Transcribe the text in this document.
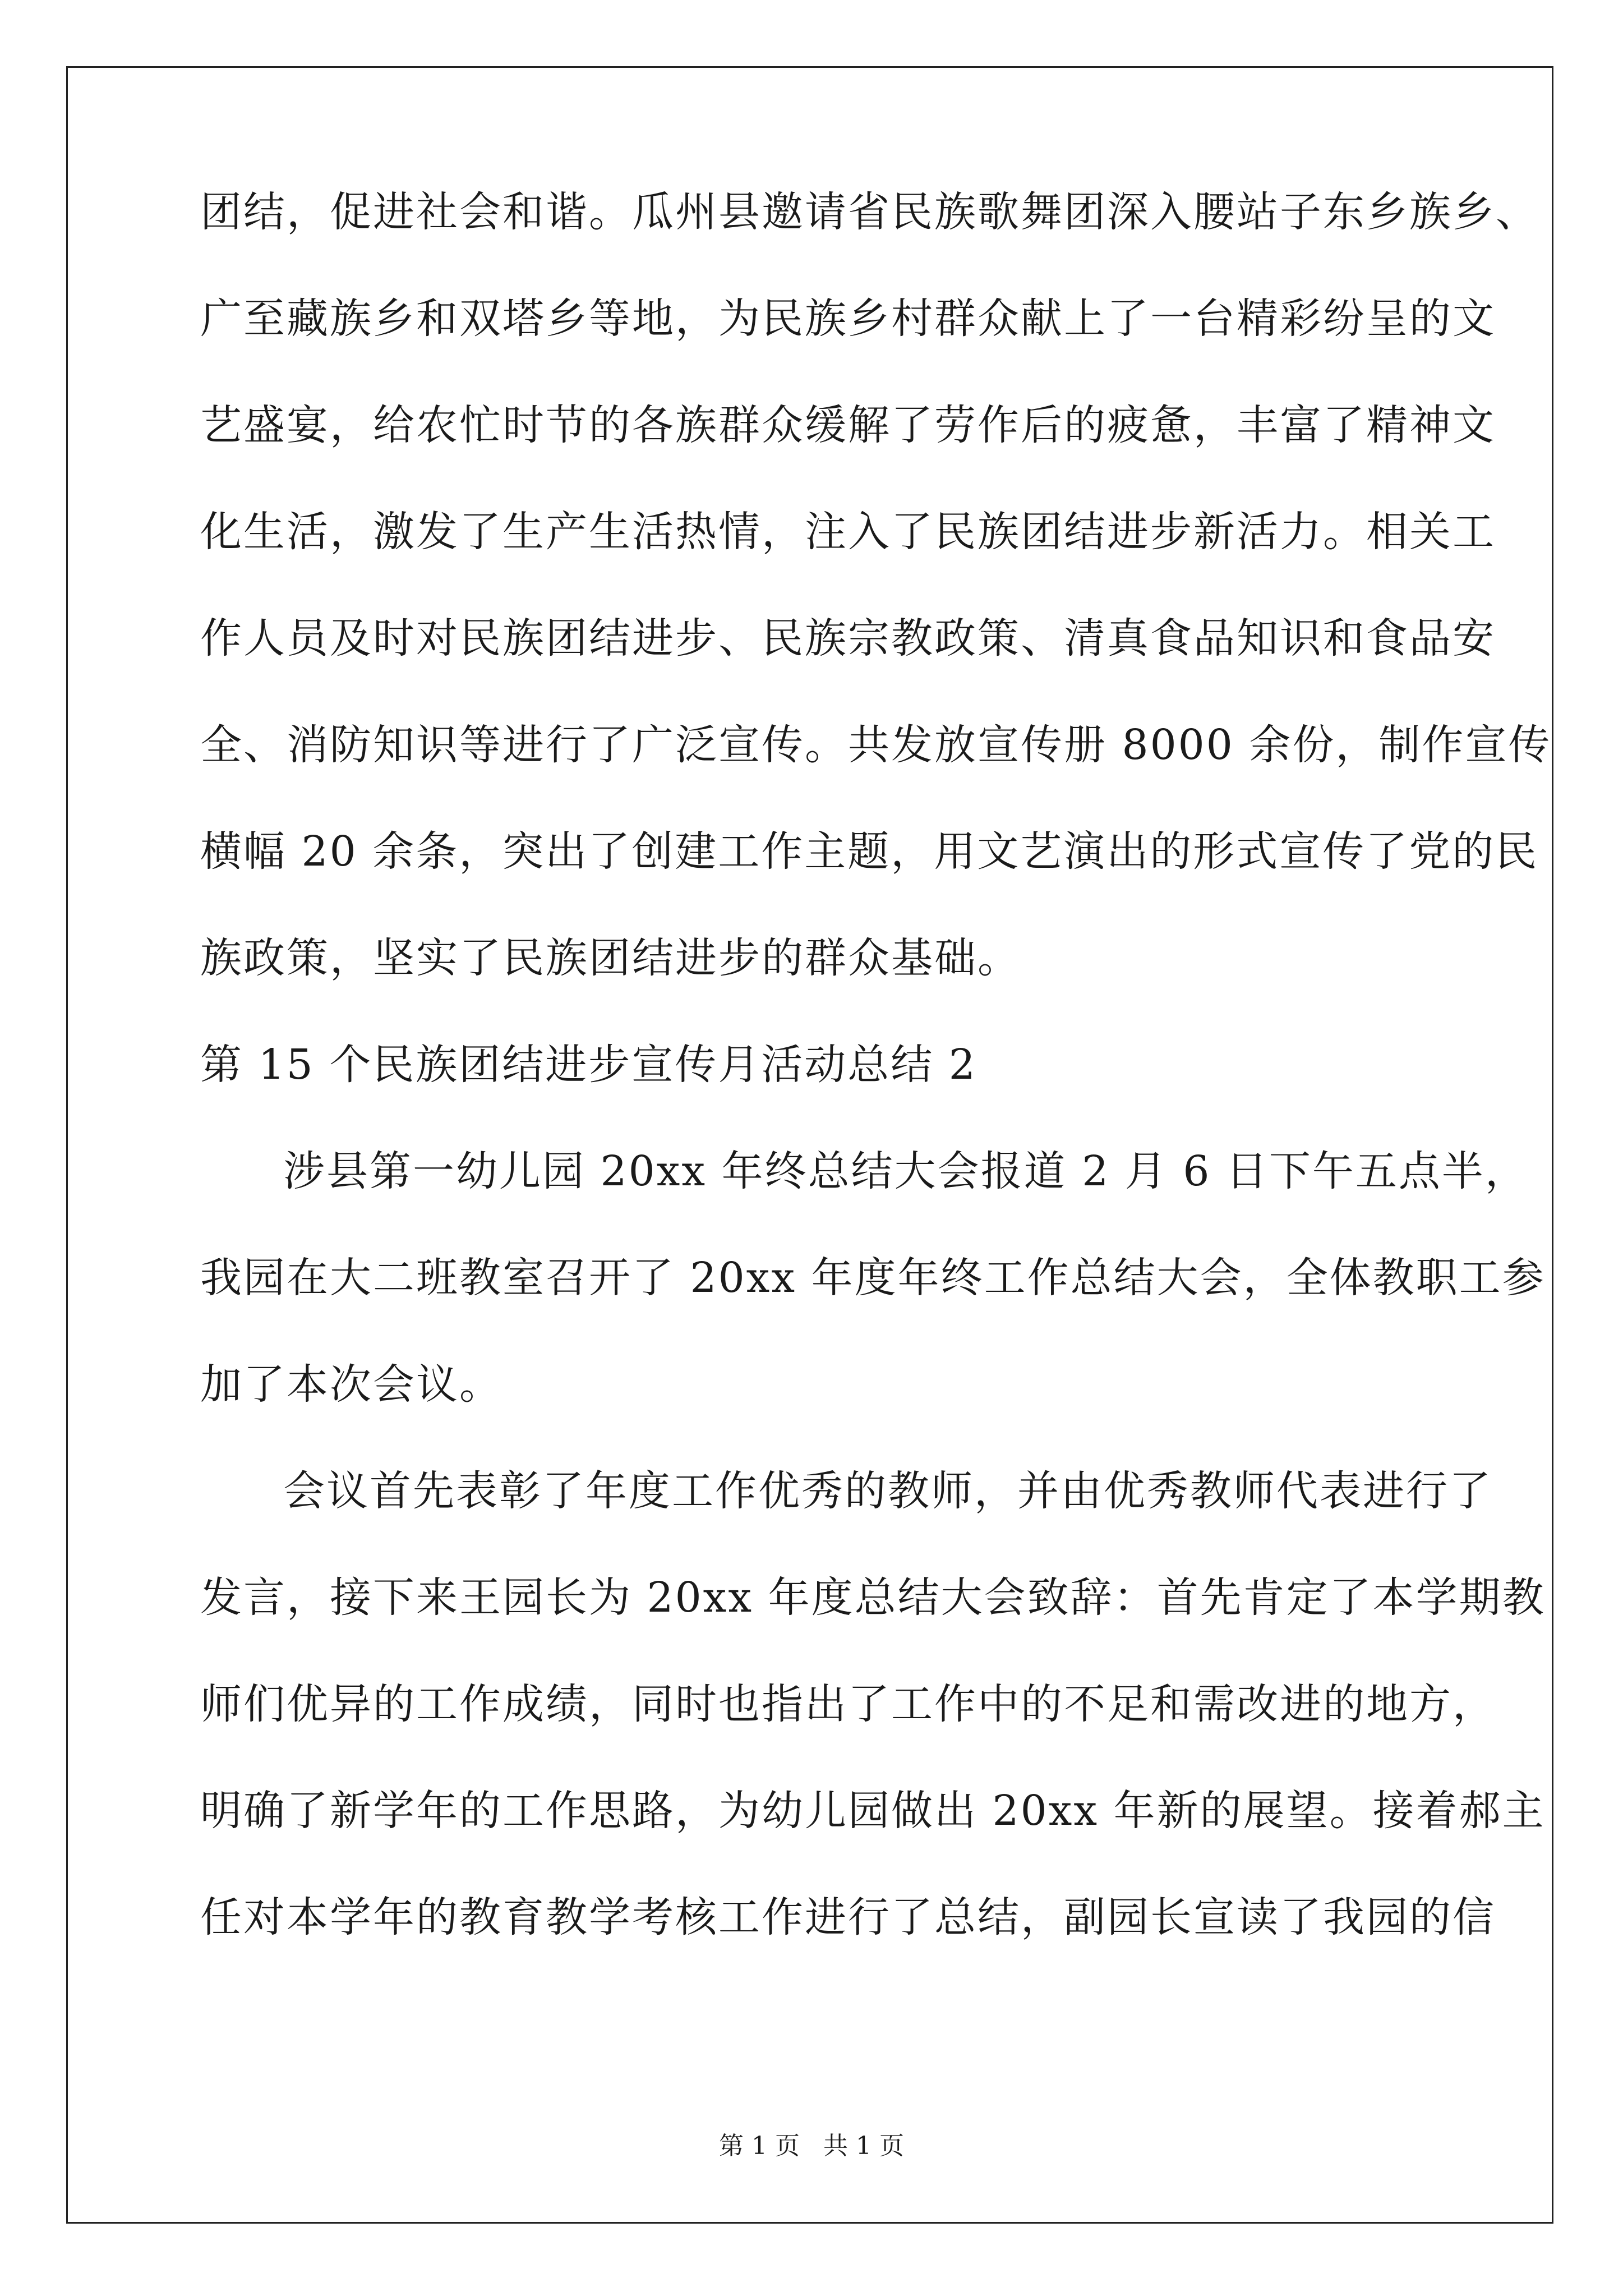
团结，促进社会和谐。瓜州县邀请省民族歌舞团深入腰站子东乡族乡、
广至藏族乡和双塔乡等地，为民族乡村群众献上了一台精彩纷呈的文
艺盛宴，给农忙时节的各族群众缓解了劳作后的疲惫，丰富了精神文
化生活，激发了生产生活热情，注入了民族团结进步新活力。相关工
作人员及时对民族团结进步、民族宗教政策、清真食品知识和食品安
全、消防知识等进行了广泛宣传。共发放宣传册 8000 余份，制作宣传
横幅 20 余条，突出了创建工作主题，用文艺演出的形式宣传了党的民
族政策，坚实了民族团结进步的群众基础。
第 15 个民族团结进步宣传月活动总结 2
涉县第一幼儿园 20xx 年终总结大会报道 2 月 6 日下午五点半，
我园在大二班教室召开了 20xx 年度年终工作总结大会，全体教职工参
加了本次会议。
会议首先表彰了年度工作优秀的教师，并由优秀教师代表进行了
发言，接下来王园长为 20xx 年度总结大会致辞：首先肯定了本学期教
师们优异的工作成绩，同时也指出了工作中的不足和需改进的地方，
明确了新学年的工作思路，为幼儿园做出 20xx 年新的展望。接着郝主
任对本学年的教育教学考核工作进行了总结，副园长宣读了我园的信
第 1 页   共 1 页
